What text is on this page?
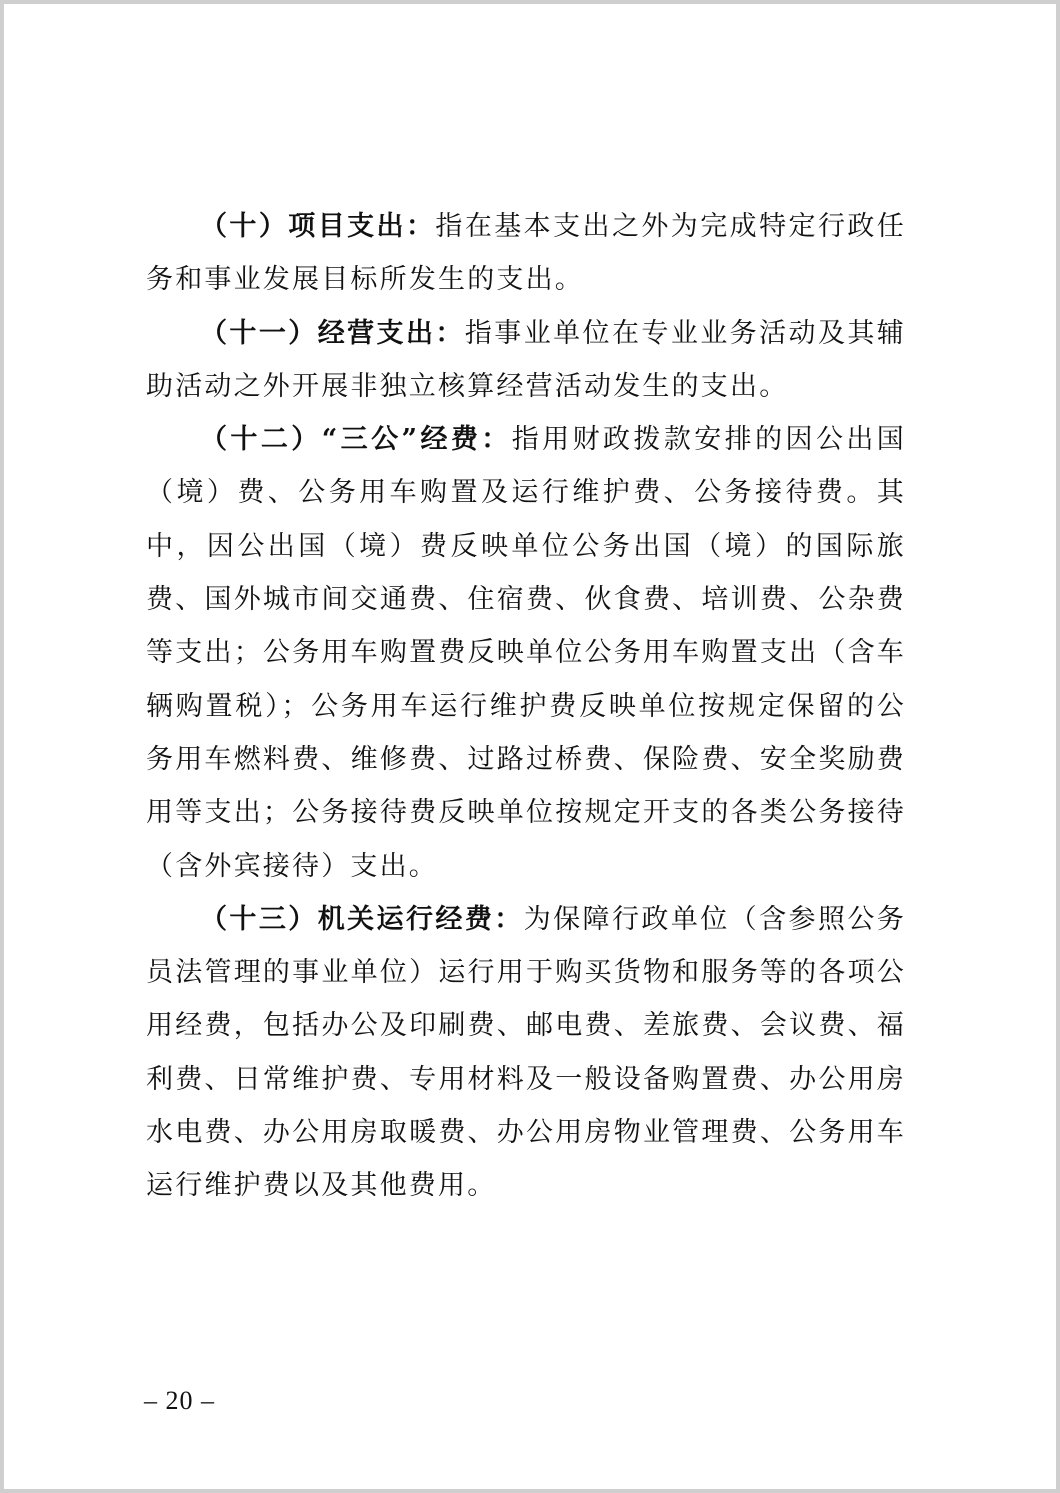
（十）项目支出：指在基本支出之外为完成特定行政任务和事业发展目标所发生的支出。

（十一）经营支出：指事业单位在专业业务活动及其辅助活动之外开展非独立核算经营活动发生的支出。

（十二）“三公”经费：指用财政拨款安排的因公出国（境）费、公务用车购置及运行维护费、公务接待费。其中，因公出国（境）费反映单位公务出国（境）的国际旅费、国外城市间交通费、住宿费、伙食费、培训费、公杂费等支出；公务用车购置费反映单位公务用车购置支出（含车辆购置税）；公务用车运行维护费反映单位按规定保留的公务用车燃料费、维修费、过路过桥费、保险费、安全奖励费用等支出；公务接待费反映单位按规定开支的各类公务接待（含外宾接待）支出。

（十三）机关运行经费：为保障行政单位（含参照公务员法管理的事业单位）运行用于购买货物和服务等的各项公用经费，包括办公及印刷费、邮电费、差旅费、会议费、福利费、日常维护费、专用材料及一般设备购置费、办公用房水电费、办公用房取暖费、办公用房物业管理费、公务用车运行维护费以及其他费用。

– 20 –
